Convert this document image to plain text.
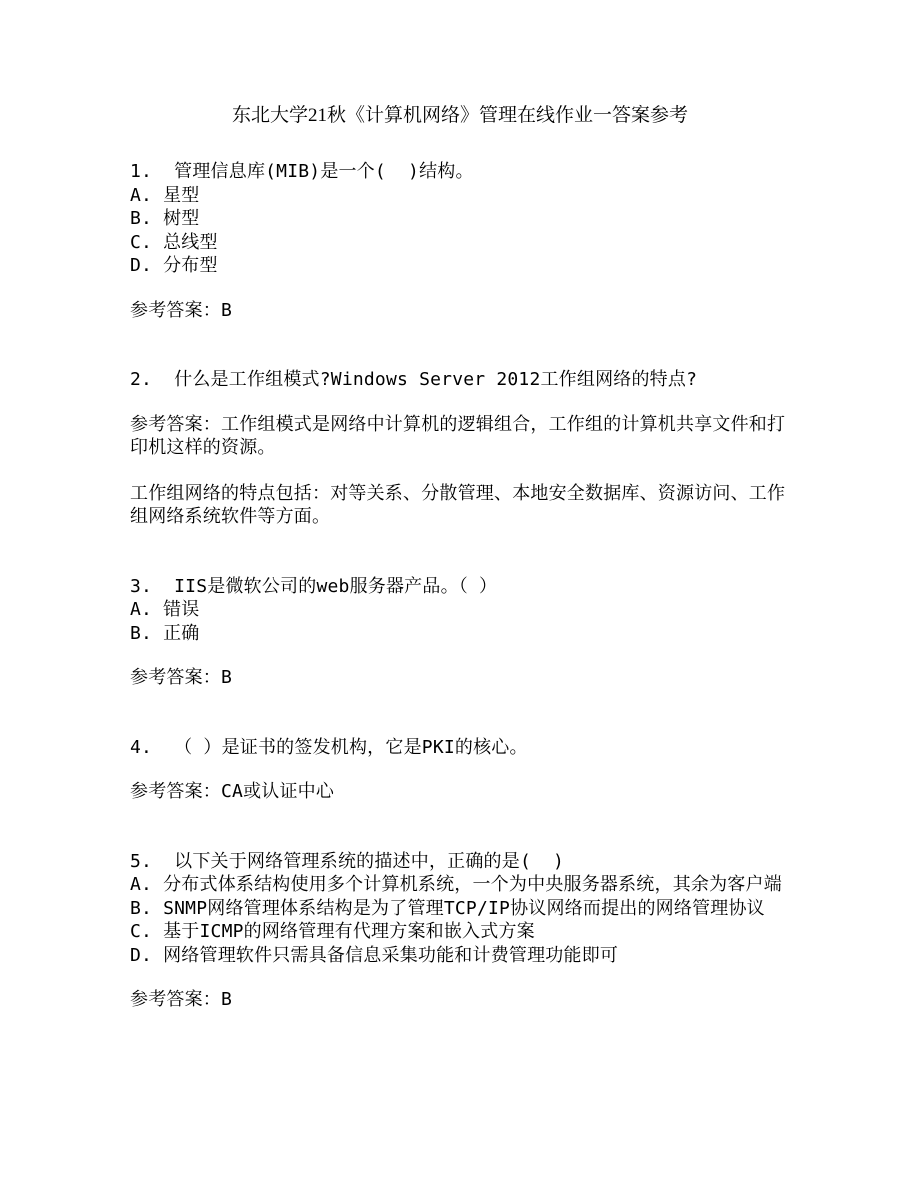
东北大学21秋《计算机网络》管理在线作业一答案参考

1.  管理信息库(MIB)是一个(  )结构。

A. 星型

B. 树型

C. 总线型

D. 分布型

参考答案：B

2.  什么是工作组模式?Windows Server 2012工作组网络的特点?

参考答案：工作组模式是网络中计算机的逻辑组合，工作组的计算机共享文件和打印机这样的资源。

工作组网络的特点包括：对等关系、分散管理、本地安全数据库、资源访问、工作组网络系统软件等方面。

3.  IIS是微软公司的web服务器产品。（ ）

A. 错误

B. 正确

参考答案：B

4.  （ ）是证书的签发机构，它是PKI的核心。

参考答案：CA或认证中心

5.  以下关于网络管理系统的描述中，正确的是(  )

A. 分布式体系结构使用多个计算机系统，一个为中央服务器系统，其余为客户端

B. SNMP网络管理体系结构是为了管理TCP/IP协议网络而提出的网络管理协议

C. 基于ICMP的网络管理有代理方案和嵌入式方案

D. 网络管理软件只需具备信息采集功能和计费管理功能即可

参考答案：B
